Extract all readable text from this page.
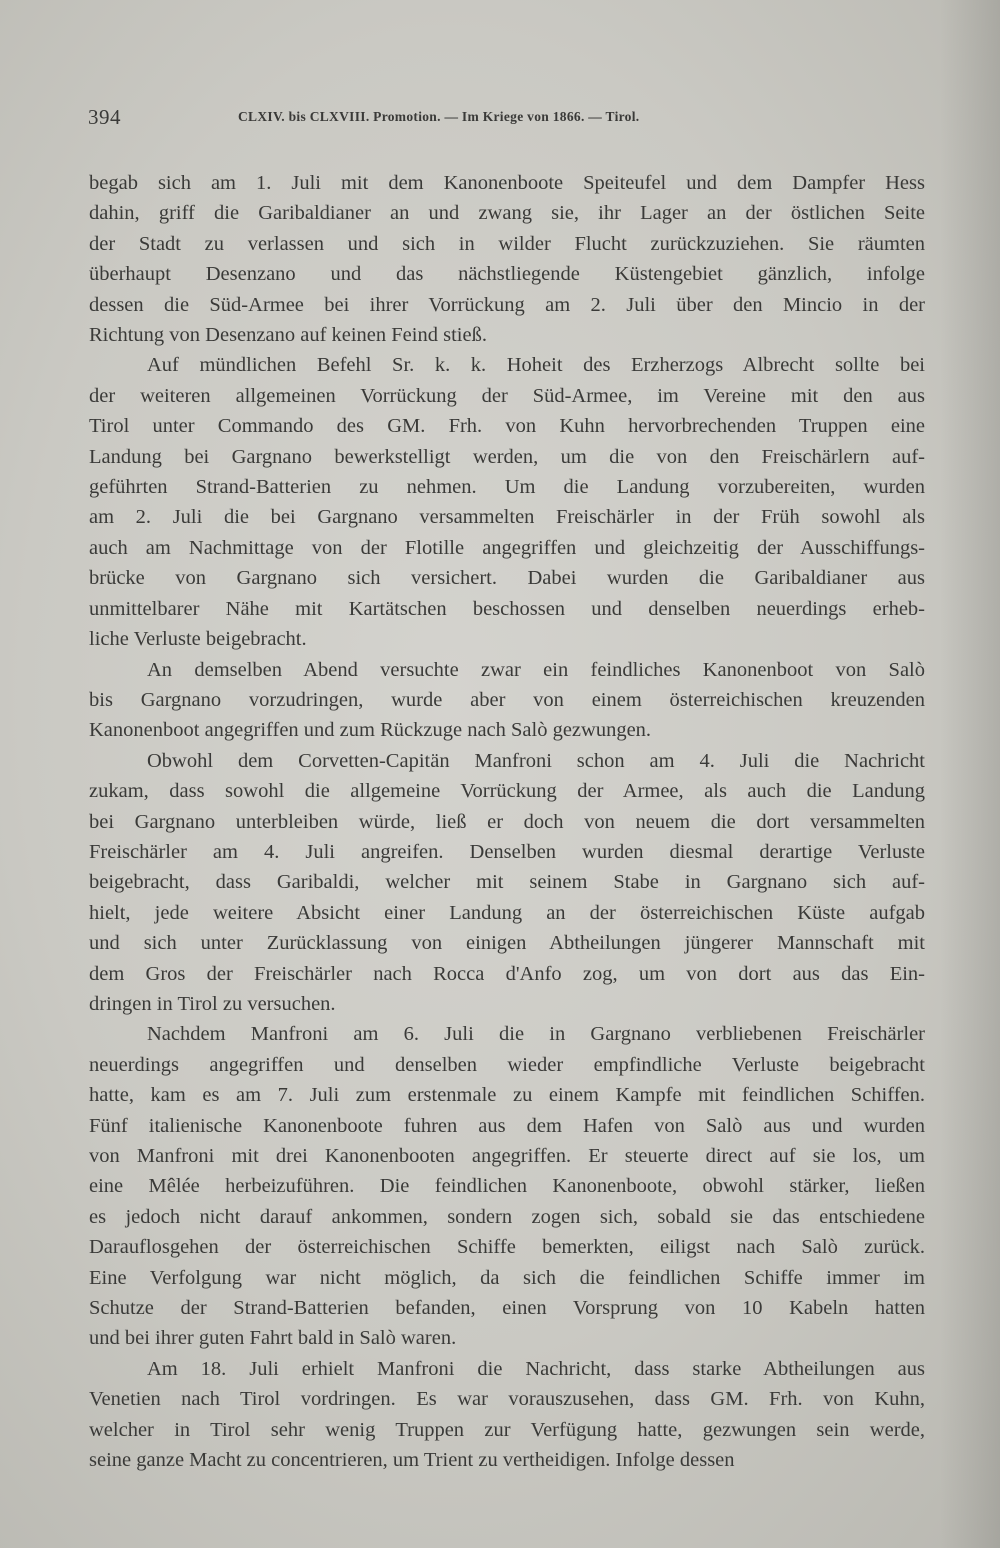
394	CLXIV. bis CLXVIII. Promotion. — Im Kriege von 1866. — Tirol.

begab sich am 1. Juli mit dem Kanonenboote Speiteufel und dem Dampfer Hess
dahin, griff die Garibaldianer an und zwang sie, ihr Lager an der östlichen Seite
der Stadt zu verlassen und sich in wilder Flucht zurückzuziehen. Sie räumten
überhaupt Desenzano und das nächstliegende Küstengebiet gänzlich, infolge
dessen die Süd-Armee bei ihrer Vorrückung am 2. Juli über den Mincio in der
Richtung von Desenzano auf keinen Feind stieß.

Auf mündlichen Befehl Sr. k. k. Hoheit des Erzherzogs Albrecht sollte bei
der weiteren allgemeinen Vorrückung der Süd-Armee, im Vereine mit den aus
Tirol unter Commando des GM. Frh. von Kuhn hervorbrechenden Truppen eine
Landung bei Gargnano bewerkstelligt werden, um die von den Freischärlern auf-
geführten Strand-Batterien zu nehmen. Um die Landung vorzubereiten, wurden
am 2. Juli die bei Gargnano versammelten Freischärler in der Früh sowohl als
auch am Nachmittage von der Flotille angegriffen und gleichzeitig der Ausschiffungs-
brücke von Gargnano sich versichert. Dabei wurden die Garibaldianer aus
unmittelbarer Nähe mit Kartätschen beschossen und denselben neuerdings erheb-
liche Verluste beigebracht.

An demselben Abend versuchte zwar ein feindliches Kanonenboot von Salò
bis Gargnano vorzudringen, wurde aber von einem österreichischen kreuzenden
Kanonenboot angegriffen und zum Rückzuge nach Salò gezwungen.

Obwohl dem Corvetten-Capitän Manfroni schon am 4. Juli die Nachricht
zukam, dass sowohl die allgemeine Vorrückung der Armee, als auch die Landung
bei Gargnano unterbleiben würde, ließ er doch von neuem die dort versammelten
Freischärler am 4. Juli angreifen. Denselben wurden diesmal derartige Verluste
beigebracht, dass Garibaldi, welcher mit seinem Stabe in Gargnano sich auf-
hielt, jede weitere Absicht einer Landung an der österreichischen Küste aufgab
und sich unter Zurücklassung von einigen Abtheilungen jüngerer Mannschaft mit
dem Gros der Freischärler nach Rocca d'Anfo zog, um von dort aus das Ein-
dringen in Tirol zu versuchen.

Nachdem Manfroni am 6. Juli die in Gargnano verbliebenen Freischärler
neuerdings angegriffen und denselben wieder empfindliche Verluste beigebracht
hatte, kam es am 7. Juli zum erstenmale zu einem Kampfe mit feindlichen Schiffen.
Fünf italienische Kanonenboote fuhren aus dem Hafen von Salò aus und wurden
von Manfroni mit drei Kanonenbooten angegriffen. Er steuerte direct auf sie los, um
eine Mêlée herbeizuführen. Die feindlichen Kanonenboote, obwohl stärker, ließen
es jedoch nicht darauf ankommen, sondern zogen sich, sobald sie das entschiedene
Darauflosgehen der österreichischen Schiffe bemerkten, eiligst nach Salò zurück.
Eine Verfolgung war nicht möglich, da sich die feindlichen Schiffe immer im
Schutze der Strand-Batterien befanden, einen Vorsprung von 10 Kabeln hatten
und bei ihrer guten Fahrt bald in Salò waren.

Am 18. Juli erhielt Manfroni die Nachricht, dass starke Abtheilungen aus
Venetien nach Tirol vordringen. Es war vorauszusehen, dass GM. Frh. von Kuhn,
welcher in Tirol sehr wenig Truppen zur Verfügung hatte, gezwungen sein werde,
seine ganze Macht zu concentrieren, um Trient zu vertheidigen. Infolge dessen
